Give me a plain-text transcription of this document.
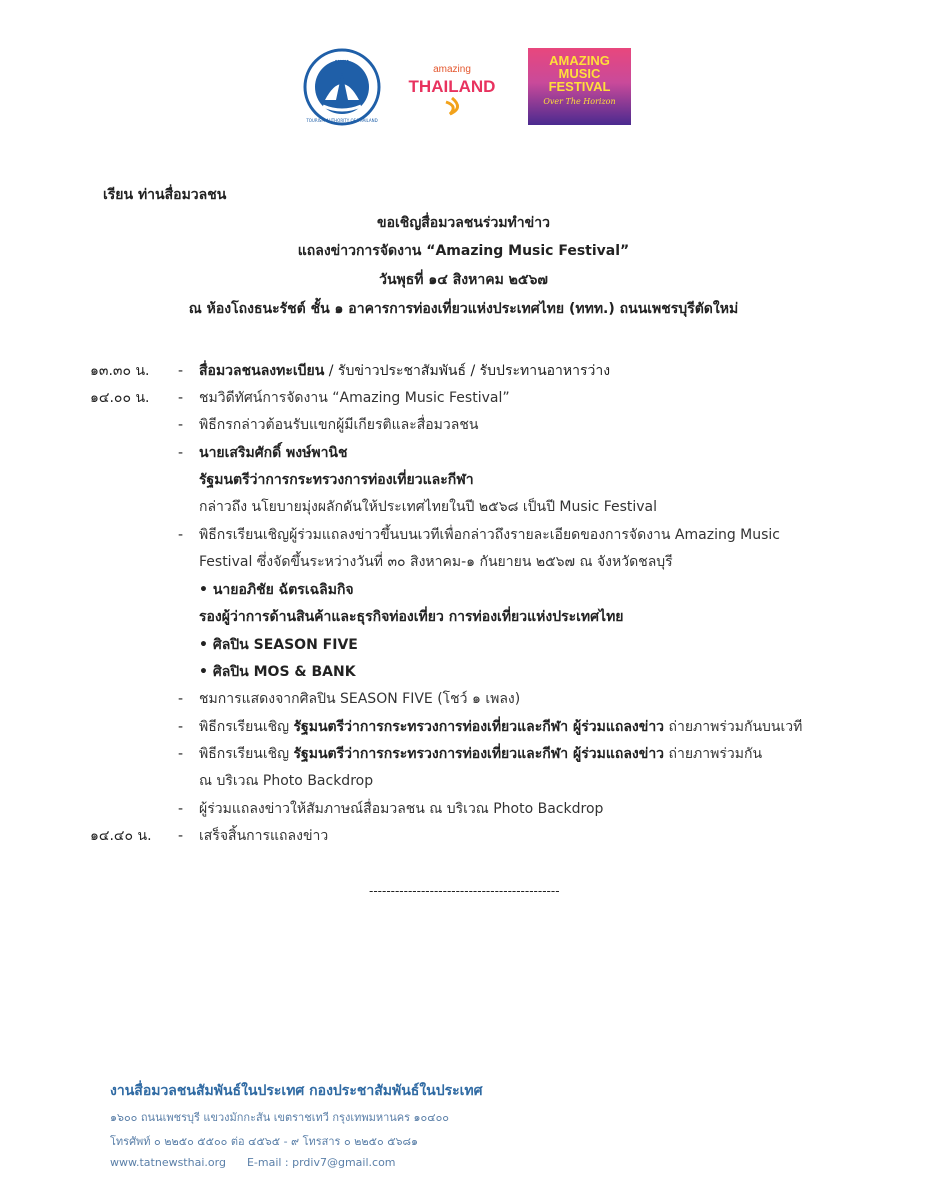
ททท
TOURISM AUTHORITY OF THAILAND
amazing
THAILAND
AMAZING
MUSIC
FESTIVAL
Over The Horizon
เรียน ท่านสื่อมวลชน
ขอเชิญสื่อมวลชนร่วมทำข่าว
แถลงข่าวการจัดงาน “Amazing Music Festival”
วันพุธที่ ๑๔ สิงหาคม ๒๕๖๗
ณ ห้องโถงธนะรัชต์ ชั้น ๑ อาคารการท่องเที่ยวแห่งประเทศไทย (ททท.) ถนนเพชรบุรีตัดใหม่
๑๓.๓๐ น. - สื่อมวลชนลงทะเบียน / รับข่าวประชาสัมพันธ์ / รับประทานอาหารว่าง
๑๔.๐๐ น. - ชมวิดีทัศน์การจัดงาน “Amazing Music Festival”
- พิธีกรกล่าวต้อนรับแขกผู้มีเกียรติและสื่อมวลชน
- นายเสริมศักดิ์ พงษ์พานิช
รัฐมนตรีว่าการกระทรวงการท่องเที่ยวและกีฬา
กล่าวถึง นโยบายมุ่งผลักดันให้ประเทศไทยในปี ๒๕๖๘ เป็นปี Music Festival
- พิธีกรเรียนเชิญผู้ร่วมแถลงข่าวขึ้นบนเวทีเพื่อกล่าวถึงรายละเอียดของการจัดงาน Amazing Music
Festival ซึ่งจัดขึ้นระหว่างวันที่ ๓๐ สิงหาคม-๑ กันยายน ๒๕๖๗ ณ จังหวัดชลบุรี
• นายอภิชัย ฉัตรเฉลิมกิจ
รองผู้ว่าการด้านสินค้าและธุรกิจท่องเที่ยว การท่องเที่ยวแห่งประเทศไทย
• ศิลปิน SEASON FIVE
• ศิลปิน MOS & BANK
- ชมการแสดงจากศิลปิน SEASON FIVE (โชว์ ๑ เพลง)
- พิธีกรเรียนเชิญ รัฐมนตรีว่าการกระทรวงการท่องเที่ยวและกีฬา ผู้ร่วมแถลงข่าว ถ่ายภาพร่วมกันบนเวที
- พิธีกรเรียนเชิญ รัฐมนตรีว่าการกระทรวงการท่องเที่ยวและกีฬา ผู้ร่วมแถลงข่าว ถ่ายภาพร่วมกัน
ณ บริเวณ Photo Backdrop
- ผู้ร่วมแถลงข่าวให้สัมภาษณ์สื่อมวลชน ณ บริเวณ Photo Backdrop
๑๔.๔๐ น. - เสร็จสิ้นการแถลงข่าว
--------------------------------------------
งานสื่อมวลชนสัมพันธ์ในประเทศ กองประชาสัมพันธ์ในประเทศ
๑๖๐๐ ถนนเพชรบุรี แขวงมักกะสัน เขตราชเทวี กรุงเทพมหานคร ๑๐๔๐๐
โทรศัพท์ ๐ ๒๒๕๐ ๕๕๐๐ ต่อ ๔๕๖๕ - ๙ โทรสาร ๐ ๒๒๕๐ ๕๖๘๑
www.tatnewsthai.org E-mail : prdiv7@gmail.com
